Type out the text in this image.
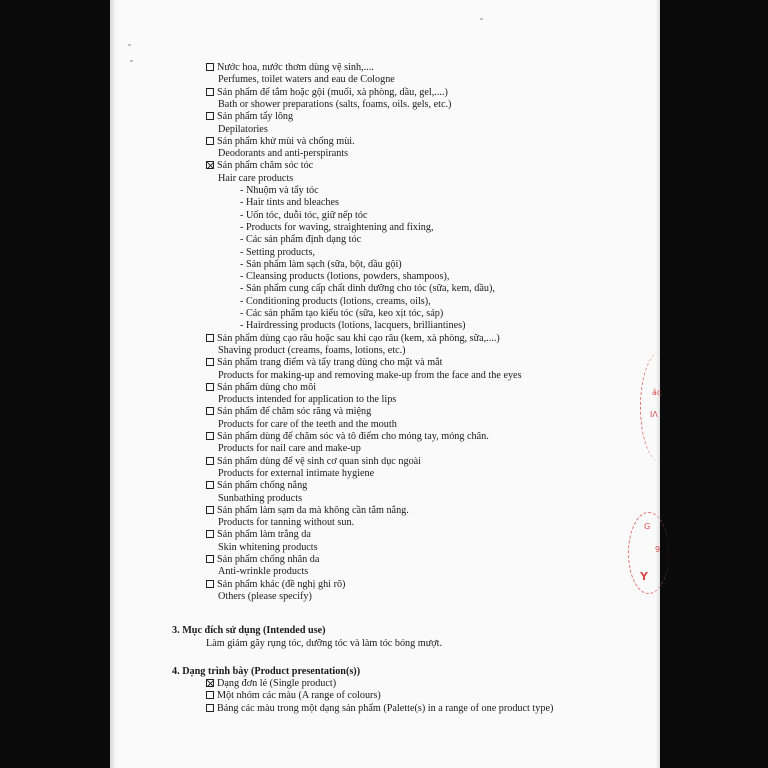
Nước hoa, nước thơm dùng vệ sinh,....
Perfumes, toilet waters and eau de Cologne
Sản phẩm để tắm hoặc gội (muối, xà phòng, dầu, gel,....)
Bath or shower preparations (salts, foams, oils. gels, etc.)
Sản phẩm tẩy lông
Depilatories
Sản phẩm khử mùi và chống mùi.
Deodorants and anti-perspirants
Sản phẩm chăm sóc tóc
Hair care products
- Nhuộm và tẩy tóc
- Hair tints and bleaches
- Uốn tóc, duỗi tóc, giữ nếp tóc
- Products for waving, straightening and fixing,
- Các sản phẩm định dạng tóc
- Setting products,
- Sản phẩm làm sạch (sữa, bột, dầu gội)
- Cleansing products (lotions, powders, shampoos),
- Sản phẩm cung cấp chất dinh dưỡng cho tóc (sữa, kem, dầu),
- Conditioning products (lotions, creams, oils),
- Các sản phẩm tạo kiểu tóc (sữa, keo xịt tóc, sáp)
- Hairdressing products (lotions, lacquers, brilliantines)
Sản phẩm dùng cạo râu hoặc sau khi cạo râu (kem, xà phòng, sữa,....)
Shaving product (creams, foams, lotions, etc.)
Sản phẩm trang điểm và tẩy trang dùng cho mặt và mắt
Products for making-up and removing make-up from the face and the eyes
Sản phẩm dùng cho môi
Products intended for application to the lips
Sản phẩm để chăm sóc răng và miệng
Products for care of the teeth and the mouth
Sản phẩm dùng để chăm sóc và tô điểm cho móng tay, móng chân.
Products for nail care and make-up
Sản phẩm dùng để vệ sinh cơ quan sinh dục ngoài
Products for external intimate hygiene
Sản phẩm chống nắng
Sunbathing products
Sản phẩm làm sạm da mà không cần tắm nắng.
Products for tanning without sun.
Sản phẩm làm trắng da
Skin whitening products
Sản phẩm chống nhăn da
Anti-wrinkle products
Sản phẩm khác (đề nghị ghi rõ)
Others (please specify)
3. Mục đích sử dụng (Intended use)
Làm giảm gãy rụng tóc, dưỡng tóc và làm tóc bóng mượt.
4. Dạng trình bày (Product presentation(s))
Dạng đơn lẻ (Single product)
Một nhóm các màu (A range of colours)
Bảng các màu trong một dạng sản phẩm (Palette(s) in a range of one product type)
ác
ΙΛ
9
Y
G
